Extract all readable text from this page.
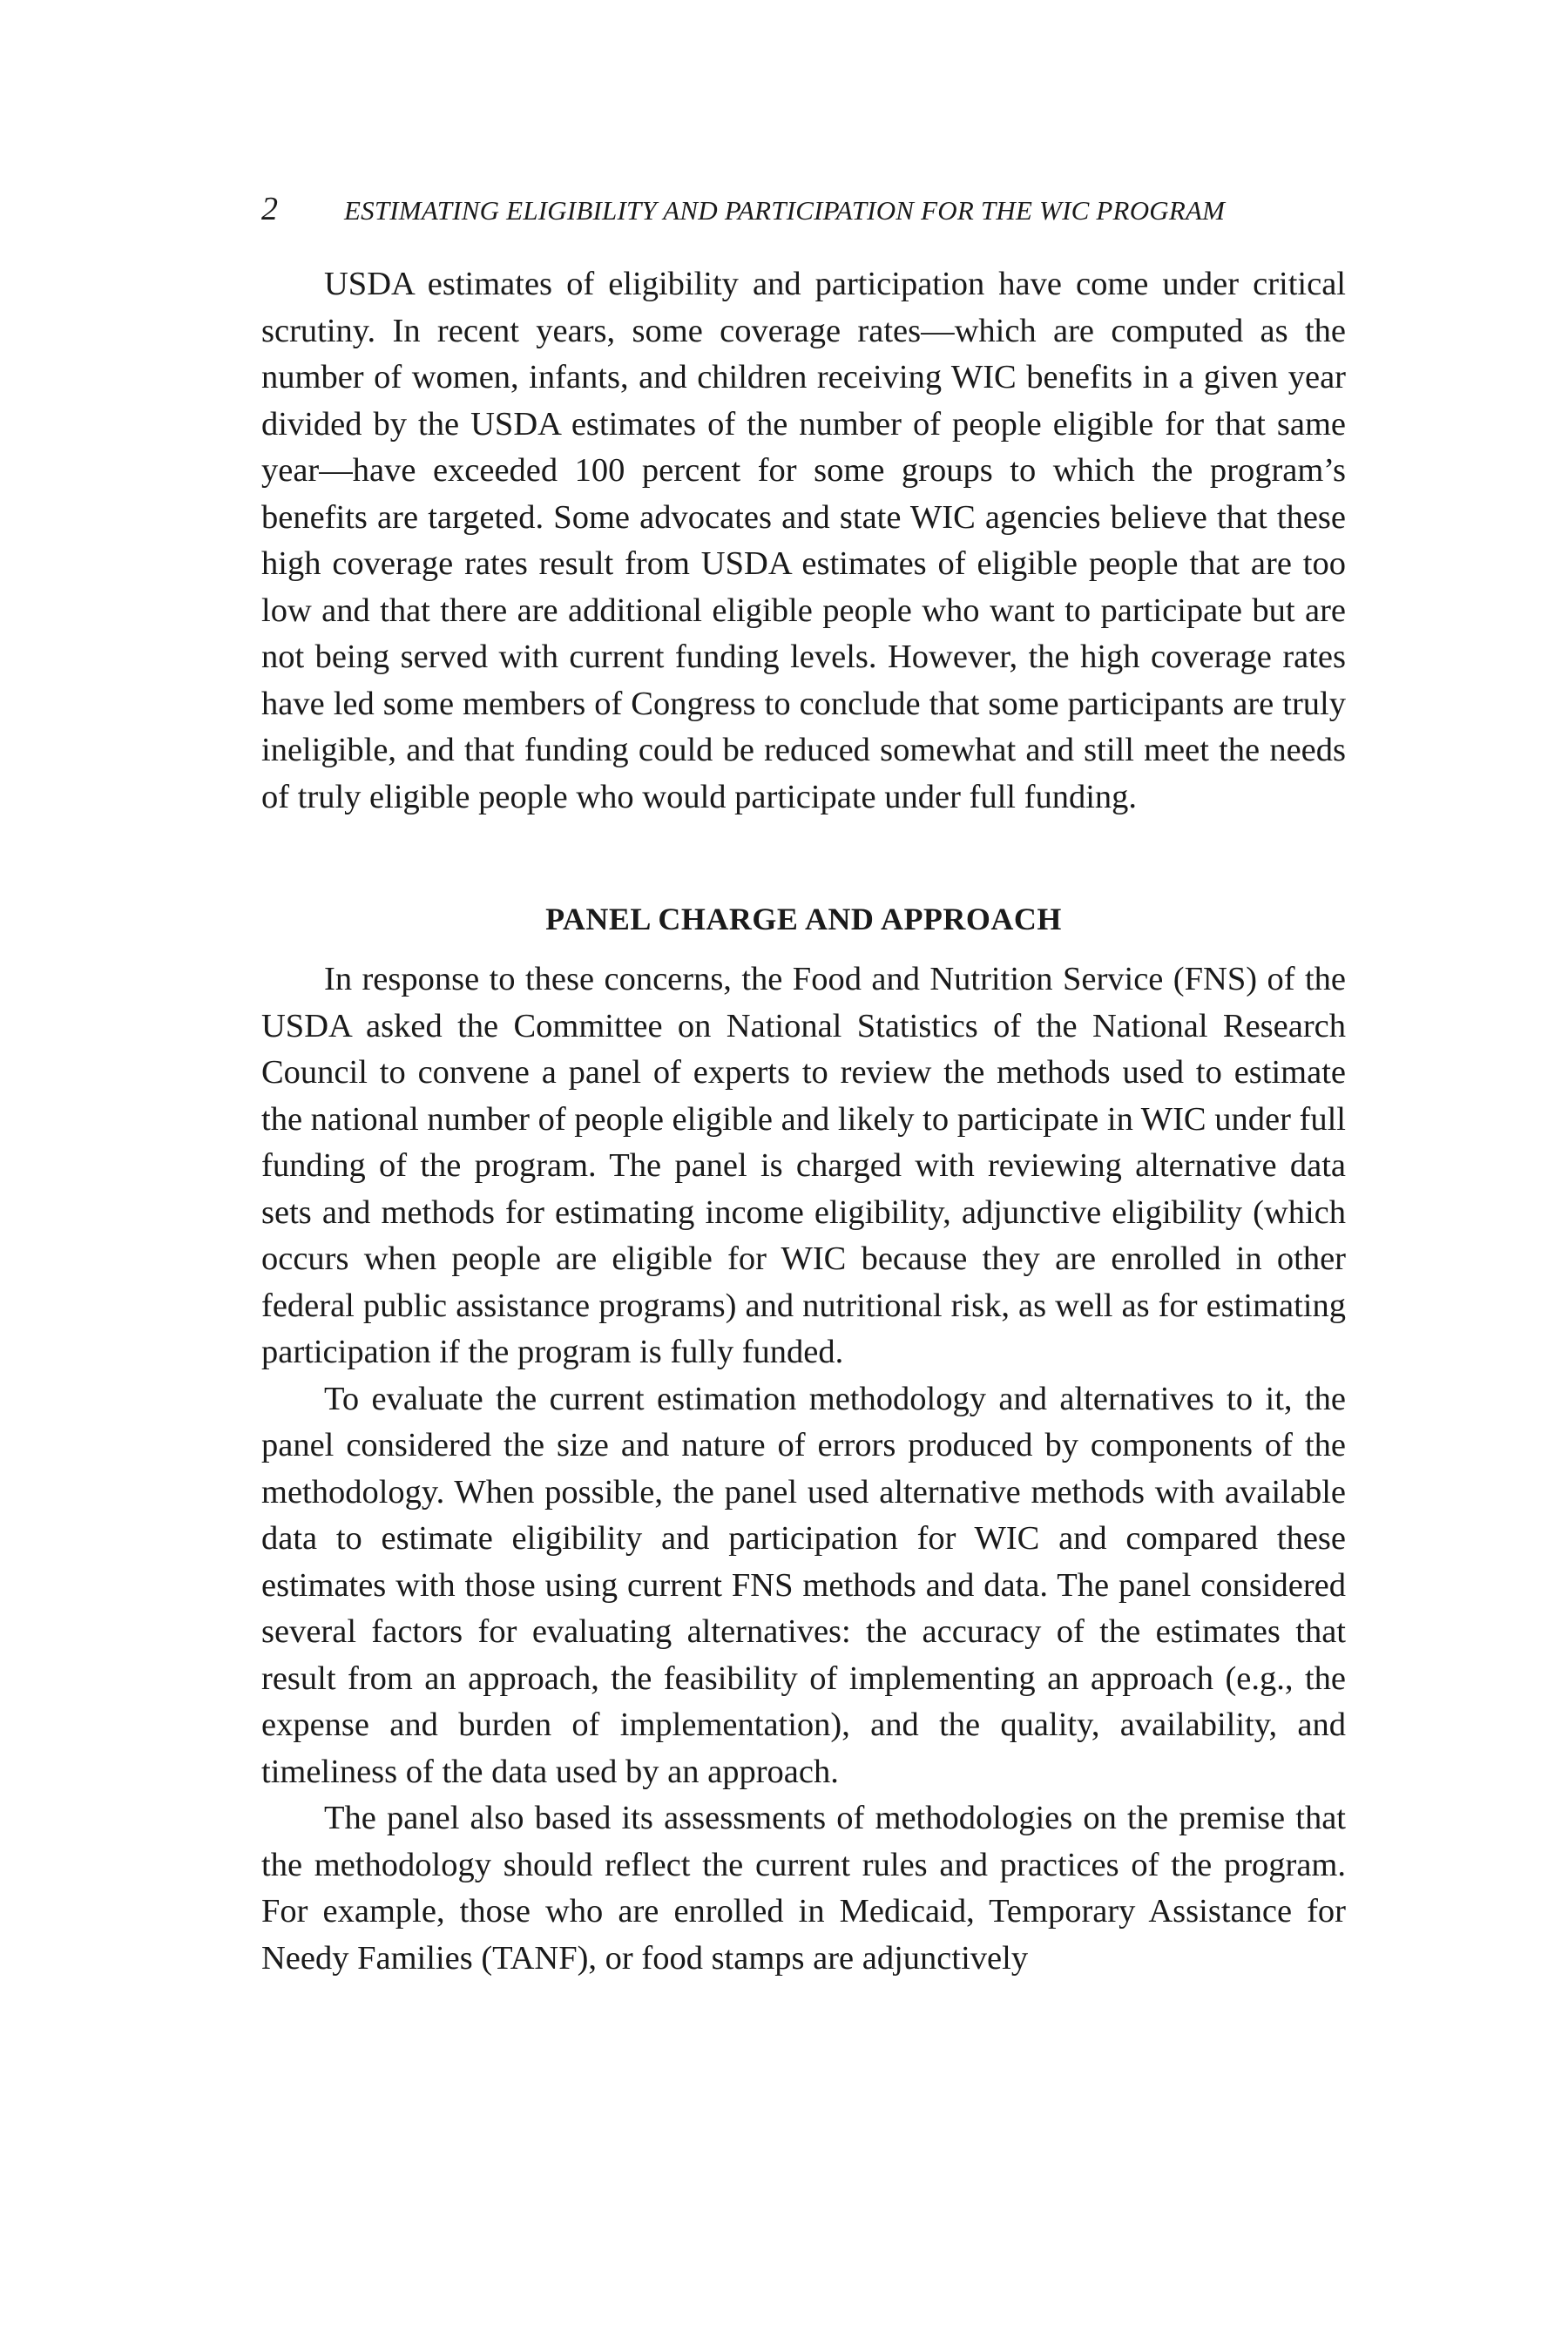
2 ESTIMATING ELIGIBILITY AND PARTICIPATION FOR THE WIC PROGRAM

USDA estimates of eligibility and participation have come under critical scrutiny. In recent years, some coverage rates—which are computed as the number of women, infants, and children receiving WIC benefits in a given year divided by the USDA estimates of the number of people eligible for that same year—have exceeded 100 percent for some groups to which the program’s benefits are targeted. Some advocates and state WIC agencies believe that these high coverage rates result from USDA estimates of eligible people that are too low and that there are additional eligible people who want to participate but are not being served with current funding levels. However, the high coverage rates have led some members of Congress to conclude that some participants are truly ineligible, and that funding could be reduced somewhat and still meet the needs of truly eligible people who would participate under full funding.

PANEL CHARGE AND APPROACH

In response to these concerns, the Food and Nutrition Service (FNS) of the USDA asked the Committee on National Statistics of the National Research Council to convene a panel of experts to review the methods used to estimate the national number of people eligible and likely to participate in WIC under full funding of the program. The panel is charged with reviewing alternative data sets and methods for estimating income eligibility, adjunctive eligibility (which occurs when people are eligible for WIC because they are enrolled in other federal public assistance programs) and nutritional risk, as well as for estimating participation if the program is fully funded.

To evaluate the current estimation methodology and alternatives to it, the panel considered the size and nature of errors produced by components of the methodology. When possible, the panel used alternative methods with available data to estimate eligibility and participation for WIC and compared these estimates with those using current FNS methods and data. The panel considered several factors for evaluating alternatives: the accuracy of the estimates that result from an approach, the feasibility of implementing an approach (e.g., the expense and burden of implementation), and the quality, availability, and timeliness of the data used by an approach.

The panel also based its assessments of methodologies on the premise that the methodology should reflect the current rules and practices of the program. For example, those who are enrolled in Medicaid, Temporary Assistance for Needy Families (TANF), or food stamps are adjunctively
